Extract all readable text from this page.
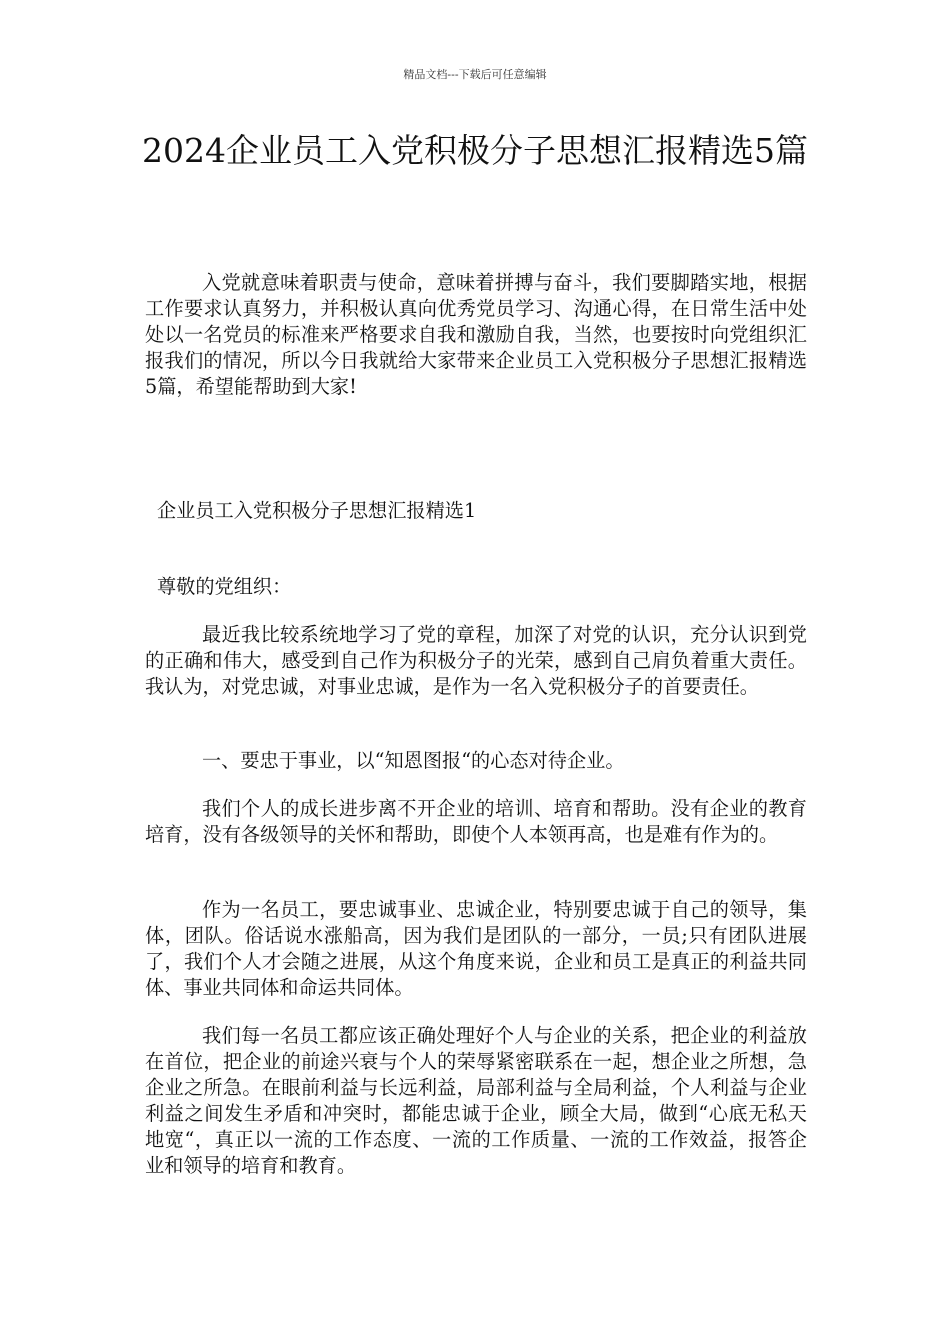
精品文档---下载后可任意编辑
2024企业员工入党积极分子思想汇报精选5篇

入党就意味着职责与使命，意味着拼搏与奋斗，我们要脚踏实地，根据工作要求认真努力，并积极认真向优秀党员学习、沟通心得，在日常生活中处处以一名党员的标准来严格要求自我和激励自我，当然，也要按时向党组织汇报我们的情况，所以今日我就给大家带来企业员工入党积极分子思想汇报精选5篇，希望能帮助到大家!

企业员工入党积极分子思想汇报精选1

尊敬的党组织：

最近我比较系统地学习了党的章程，加深了对党的认识，充分认识到党的正确和伟大，感受到自己作为积极分子的光荣，感到自己肩负着重大责任。我认为，对党忠诚，对事业忠诚，是作为一名入党积极分子的首要责任。

一、要忠于事业，以“知恩图报“的心态对待企业。

我们个人的成长进步离不开企业的培训、培育和帮助。没有企业的教育培育，没有各级领导的关怀和帮助，即使个人本领再高，也是难有作为的。

作为一名员工，要忠诚事业、忠诚企业，特别要忠诚于自己的领导，集体，团队。俗话说水涨船高，因为我们是团队的一部分，一员;只有团队进展了，我们个人才会随之进展，从这个角度来说，企业和员工是真正的利益共同体、事业共同体和命运共同体。

我们每一名员工都应该正确处理好个人与企业的关系，把企业的利益放在首位，把企业的前途兴衰与个人的荣辱紧密联系在一起，想企业之所想，急企业之所急。在眼前利益与长远利益，局部利益与全局利益，个人利益与企业利益之间发生矛盾和冲突时，都能忠诚于企业，顾全大局，做到“心底无私天地宽“，真正以一流的工作态度、一流的工作质量、一流的工作效益，报答企业和领导的培育和教育。
